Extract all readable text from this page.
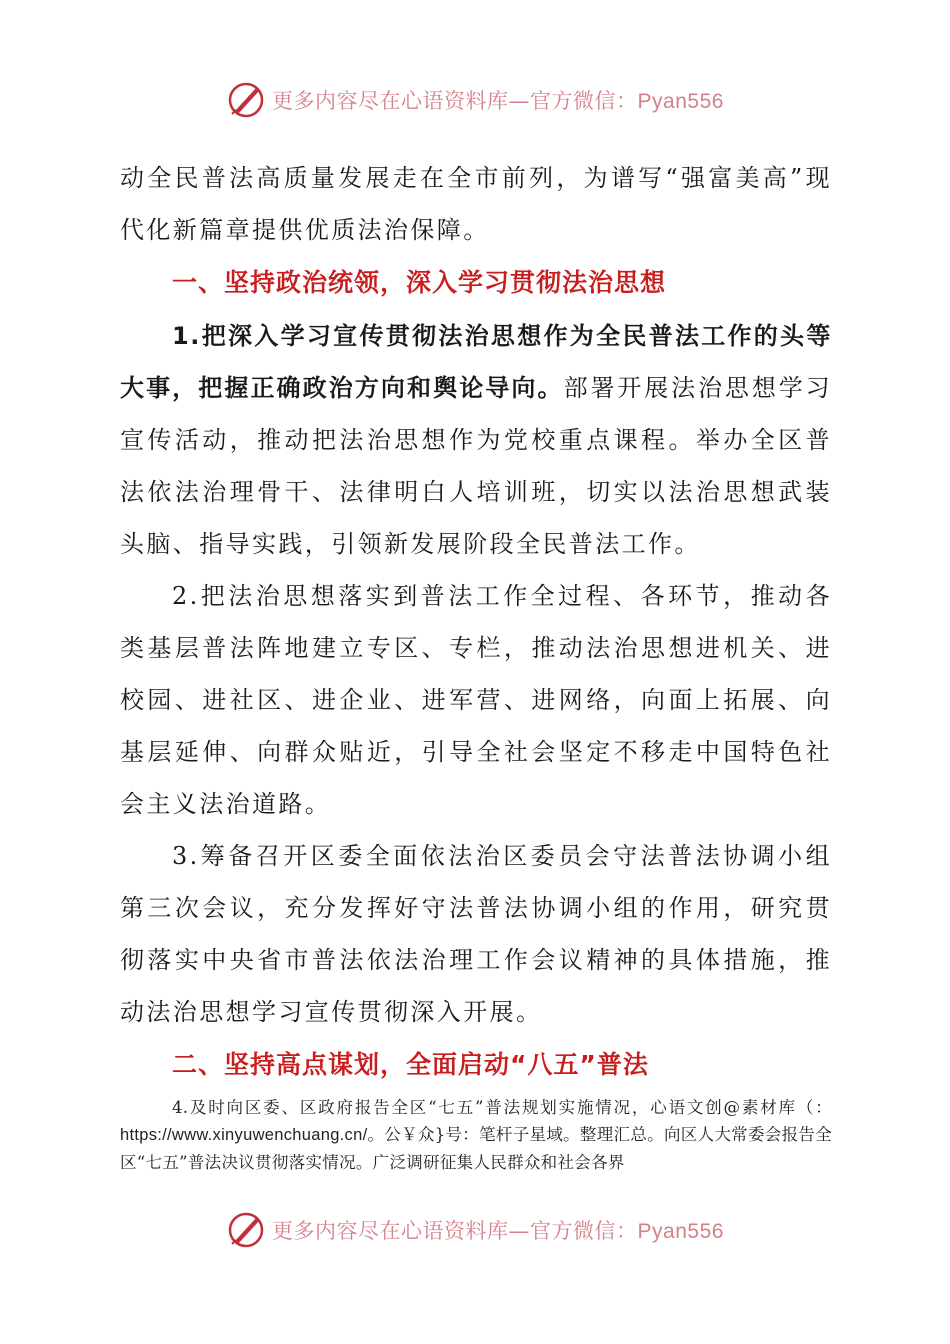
更多内容尽在心语资料库—官方微信：Pyan556

动全民普法高质量发展走在全市前列，为谱写“强富美高”现代化新篇章提供优质法治保障。

一、坚持政治统领，深入学习贯彻法治思想

1.把深入学习宣传贯彻法治思想作为全民普法工作的头等大事，把握正确政治方向和舆论导向。部署开展法治思想学习宣传活动，推动把法治思想作为党校重点课程。举办全区普法依法治理骨干、法律明白人培训班，切实以法治思想武装头脑、指导实践，引领新发展阶段全民普法工作。

2.把法治思想落实到普法工作全过程、各环节，推动各类基层普法阵地建立专区、专栏，推动法治思想进机关、进校园、进社区、进企业、进军营、进网络，向面上拓展、向基层延伸、向群众贴近，引导全社会坚定不移走中国特色社会主义法治道路。

3.筹备召开区委全面依法治区委员会守法普法协调小组第三次会议，充分发挥好守法普法协调小组的作用，研究贯彻落实中央省市普法依法治理工作会议精神的具体措施，推动法治思想学习宣传贯彻深入开展。

二、坚持高点谋划，全面启动“八五”普法

4.及时向区委、区政府报告全区“七五”普法规划实施情况，心语文创@素材库（：https://www.xinyuwenchuang.cn/。公￥众}号：笔杆子星域。整理汇总。向区人大常委会报告全区“七五”普法决议贯彻落实情况。广泛调研征集人民群众和社会各界

更多内容尽在心语资料库—官方微信：Pyan556
